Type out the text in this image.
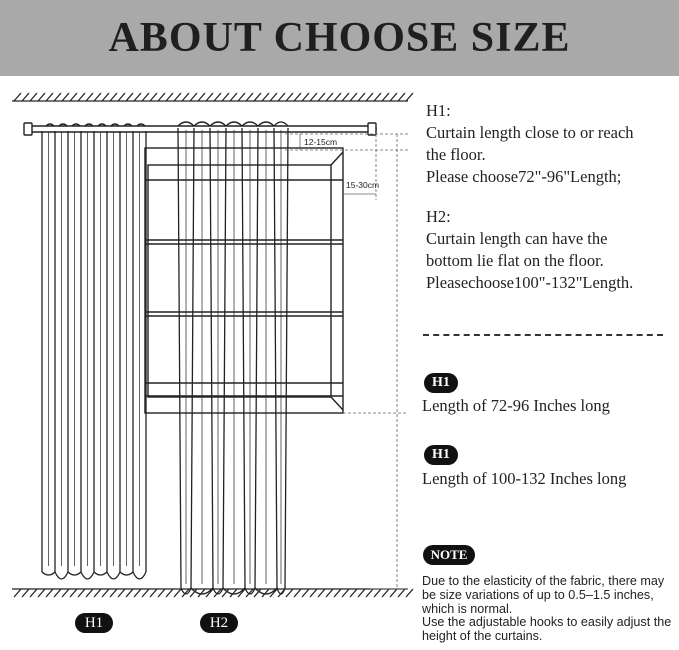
ABOUT CHOOSE SIZE
12-15cm
15-30cm
H1	H2
H1:
Curtain length close to or reach
the floor.
Please choose72"-96"Length;
H2:
Curtain length can have the
bottom lie flat on the floor.
Pleasechoose100"-132"Length.
H1
Length of 72-96 Inches long
H1
Length of 100-132 Inches long
NOTE

Due to the elasticity of the fabric, there may be size variations of up to 0.5–1.5 inches, which is normal.

Use the adjustable hooks to easily adjust the height of the curtains.
